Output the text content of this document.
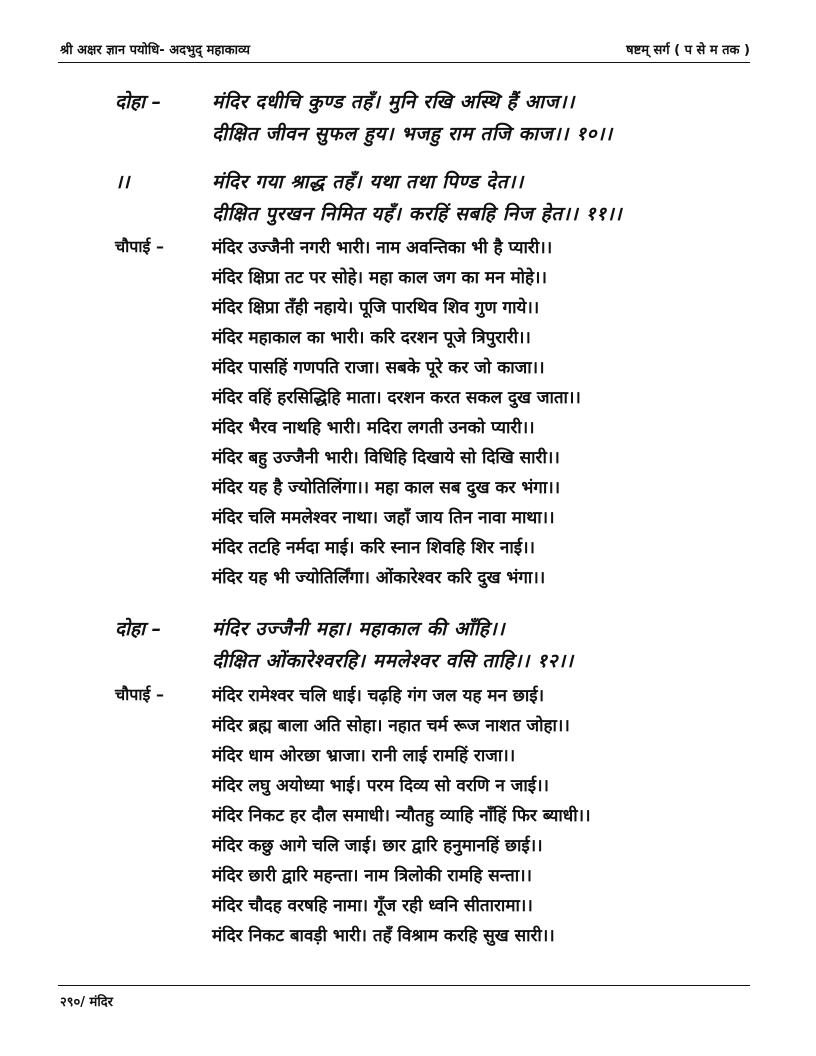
श्री अक्षर ज्ञान पयोधि- अदभुद् महाकाव्य	षष्टम् सर्ग ( प से म तक )
दोहा –	मंदिर दधीचि कुण्ड तहँ। मुनि रखि अस्थि हैं आज।।
दीक्षित जीवन सुफल हुय। भजहु राम तजि काज।। १०।।
।।	मंदिर गया श्राद्ध तहँ। यथा तथा पिण्ड देत।।
दीक्षित पुरखन निमित यहँ। करहिं सबहि निज हेत।। ११।।
चौपाई –	मंदिर उज्जैनी नगरी भारी। नाम अवन्तिका भी है प्यारी।।
मंदिर क्षिप्रा तट पर सोहे। महा काल जग का मन मोहे।।
मंदिर क्षिप्रा तँही नहाये। पूजि पारथिव शिव गुण गाये।।
मंदिर महाकाल का भारी। करि दरशन पूजे त्रिपुरारी।।
मंदिर पासहिं गणपति राजा। सबके पूरे कर जो काजा।।
मंदिर वहिं हरसिद्धिहि माता। दरशन करत सकल दुख जाता।।
मंदिर भैरव नाथहि भारी। मदिरा लगती उनको प्यारी।।
मंदिर बहु उज्जैनी भारी। विधिहि दिखाये सो दिखि सारी।।
मंदिर यह है ज्योतिलिंगा।। महा काल सब दुख कर भंगा।।
मंदिर चलि ममलेश्वर नाथा। जहाँ जाय तिन नावा माथा।।
मंदिर तटहि नर्मदा माई। करि स्नान शिवहि शिर नाई।।
मंदिर यह भी ज्योतिर्लिंगा। ओंकारेश्वर करि दुख भंगा।।
दोहा –	मंदिर उज्जैनी महा। महाकाल की आँहि।।
दीक्षित ओंकारेश्वरहि। ममलेश्वर वसि ताहि।। १२।।
चौपाई –	मंदिर रामेश्वर चलि धाई। चढ़हि गंग जल यह मन छाई।
मंदिर ब्रह्म बाला अति सोहा। नहात चर्म रूज नाशत जोहा।।
मंदिर धाम ओरछा भ्राजा। रानी लाई रामहिं राजा।।
मंदिर लघु अयोध्या भाई। परम दिव्य सो वरणि न जाई।।
मंदिर निकट हर दौल समाधी। न्यौतहु व्याहि नाँहिं फिर ब्याधी।।
मंदिर कछु आगे चलि जाई। छार द्वारि हनुमानहिं छाई।।
मंदिर छारी द्वारि महन्ता। नाम त्रिलोकी रामहि सन्ता।।
मंदिर चौदह वरषहि नामा। गूँज रही ध्वनि सीतारामा।।
मंदिर निकट बावड़ी भारी। तहँ विश्राम करहि सुख सारी।।
२९०/ मंदिर
